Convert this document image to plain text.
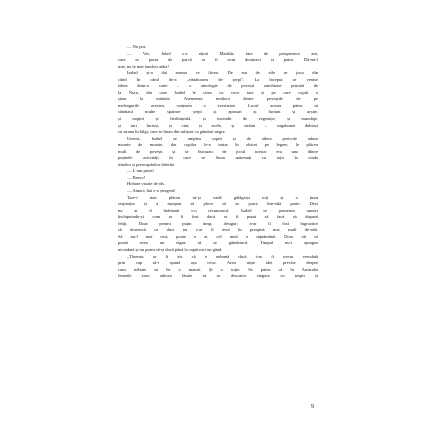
— Nu pot.
— Vai, John! s-a rățoit Matilda, fata de paisprezece ani,
care se purta de parcă ar fi avut douăzeci și patru. Dă-mi-l
mie, nu te mai fandosi atâta!
Isabel și-a dat seama ce făcea. De ani de zile se juca din
când în când de-a „vânătoarea de șerpi”. La început se venise
ideea dintr-o carte – o antologie de povești autohtone primită de
la Nora, din care Isabel le citea cu voce tare și pe care copiii o
știau la mătuite. Asemenea multora dintre poveștile de pe
meleagurile acestea, conținea o avertizare. Locul acesta părea să
sănătacă multe spaime: șerpi și apusuri și furtuni și arșițe,
și nopțiri și fierbințeală, și incendii de vegetație, și mundaje,
și turi furioși, și cini, și acele, și străini – vagabonzi dubioși
cu strana în bilgi, care se lăsau din tufișuri cu gânduri negre.
Uneori, Isabel se umplea copiii și de atlera pericole aduse
moarte de moarte, dar copilor le-a intrat în obicei pe fegete, le plăcea
mult de povești și se bucurau de jocul acesta: era una dintre
puținele activități în care se lăsau antrenați cu toții la cinda
timelor și preocupărilor diferite.
— L-am prins!
— Bravo!
Hohote vioaie de râs.
— Atunci, hai s-o ștergem!
Tare-i mai plăcea să-și vadă gălăgioși toți și a ținut
respirația și a așteptat să plece să se joace într-altă parte. Deși
nu ar fi îndrăznit s-o recunoască, Isabel se pomenea uneori
închipuindu-și cum ar fi fost dacă ar fi putut să facă să dispară
fetiți. Doar pentru puțin timp, desigur; n-ar fi fost îngrozitor
să dorească ca duci nu s-ar fi avut în preajmă mai mult de-atât.
Să nu-l mai rost, poate o zi, cel mult o săptămână. Doar cât să
poată avea un răgaz să se gândească. Timpul nu-i ajungea
niciodată și nu putea să-și ducă până la capăt nici un gând.
„Thomas ar fi zis că e nebună dacă i-ar fi trecut vreodată
prin cap să-i spună așa ceva. Avea niște idei precise despre
cum trebuie să fie o mamă. Și o soție. Se părea că în Australia
femeile erau adesea lăsate să se descurce singure cu șerpii și
9
